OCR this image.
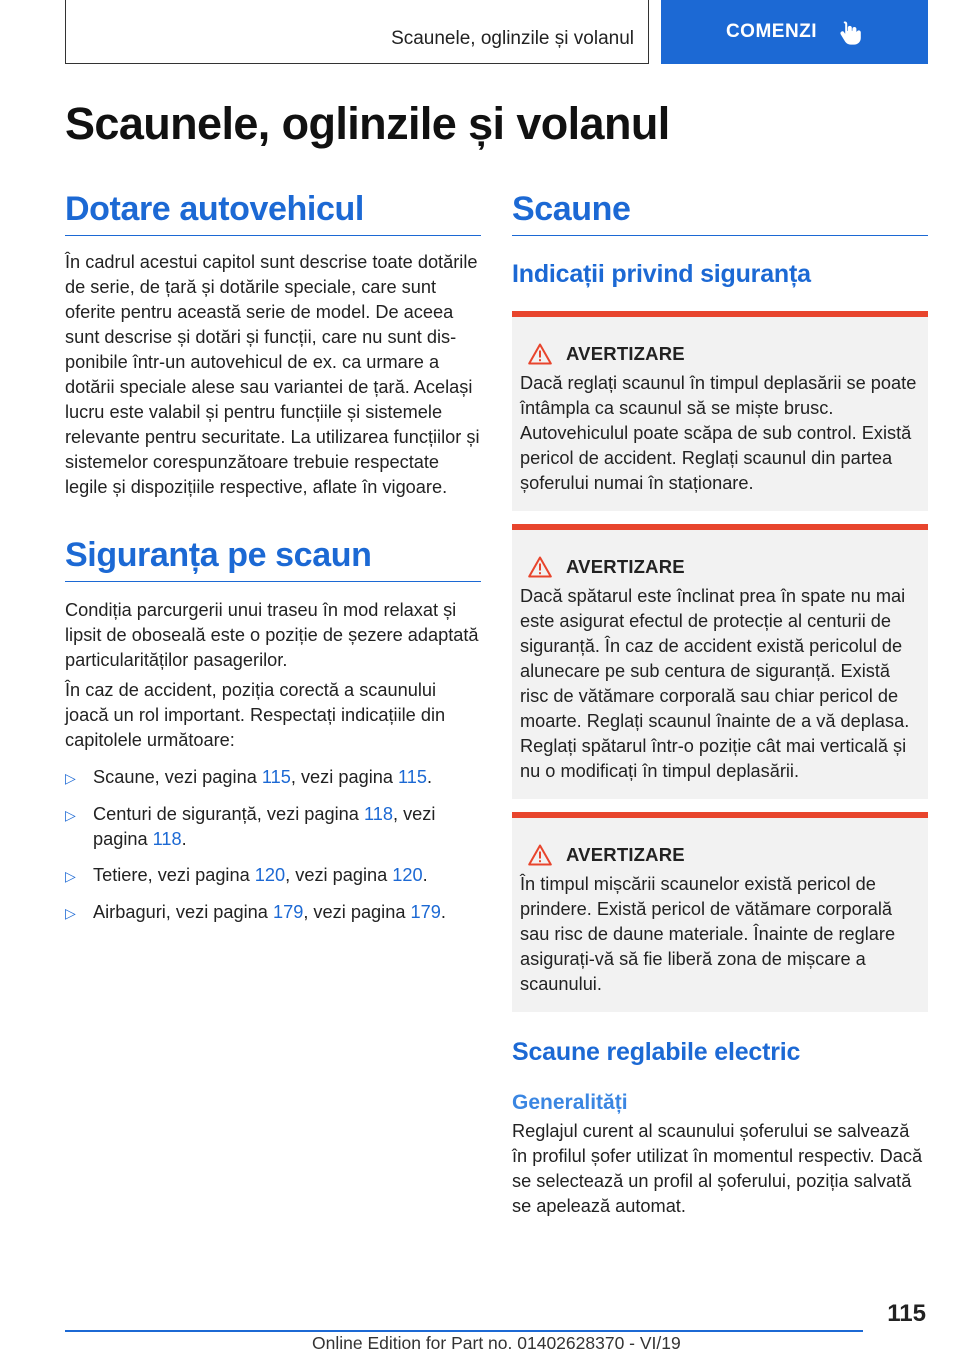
Scaunele, oglinzile și volanul	COMENZI
Scaunele, oglinzile și volanul
Dotare autovehicul

În cadrul acestui capitol sunt descrise toate dotările de serie, de țară și dotările speciale, care sunt oferite pentru această serie de model. De aceea sunt descrise și dotări și funcții, care nu sunt disponibile într-un autovehicul de ex. ca urmare a dotării speciale alese sau variantei de țară. Același lucru este valabil și pentru funcțiile și sistemele relevante pentru securitate. La utilizarea funcțiilor și sistemelor corespunzătoare trebuie respectate legile și dispozițiile respective, aflate în vigoare.

Siguranța pe scaun

Condiția parcurgerii unui traseu în mod relaxat și lipsit de oboseală este o poziție de șezere adaptată particularităților pasagerilor.

În caz de accident, poziția corectă a scaunului joacă un rol important. Respectați indicațiile din capitolele următoare:

▷ Scaune, vezi pagina 115, vezi pagina 115.
▷ Centuri de siguranță, vezi pagina 118, vezi pagina 118.
▷ Tetiere, vezi pagina 120, vezi pagina 120.
▷ Airbaguri, vezi pagina 179, vezi pagina 179.
Scaune
Indicații privind siguranța
AVERTIZARE

Dacă reglați scaunul în timpul deplasării se poate întâmpla ca scaunul să se miște brusc. Autovehiculul poate scăpa de sub control. Există pericol de accident. Reglați scaunul din partea șoferului numai în staționare.

AVERTIZARE

Dacă spătarul este înclinat prea în spate nu mai este asigurat efectul de protecție al centurii de siguranță. În caz de accident există pericolul de alunecare pe sub centura de siguranță. Există risc de vătămare corporală sau chiar pericol de moarte. Reglați scaunul înainte de a vă deplasa. Reglați spătarul într-o poziție cât mai verticală și nu o modificați în timpul deplasării.

AVERTIZARE

În timpul mișcării scaunelor există pericol de prindere. Există pericol de vătămare corporală sau risc de daune materiale. Înainte de reglare asigurați-vă să fie liberă zona de mișcare a scaunului.

Scaune reglabile electric
Generalități

Reglajul curent al scaunului șoferului se salvează în profilul șofer utilizat în momentul respectiv. Dacă se selectează un profil al șoferului, poziția salvată se apelează automat.

115
Online Edition for Part no. 01402628370 - VI/19
